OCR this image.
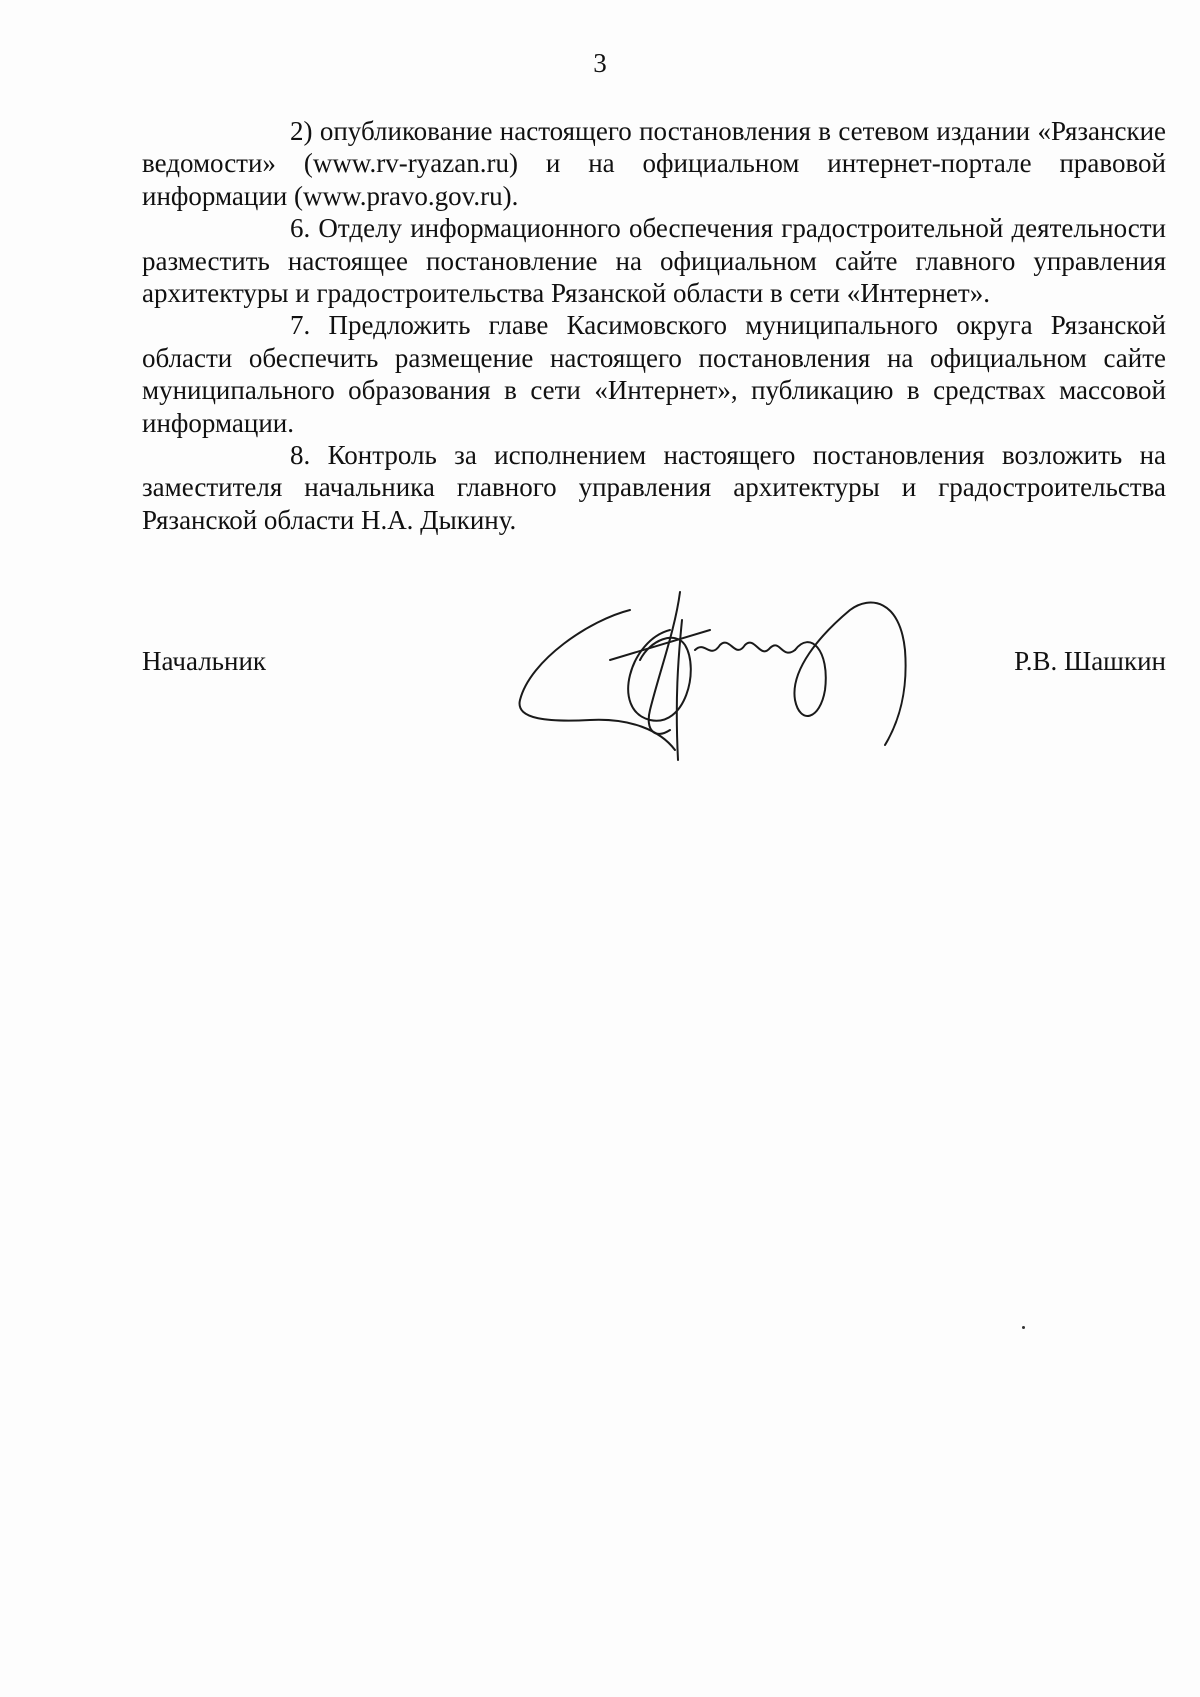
3

2) опубликование настоящего постановления в сетевом издании «Рязанские ведомости» (www.rv-ryazan.ru) и на официальном интернет-портале правовой информации (www.pravo.gov.ru).

6. Отделу информационного обеспечения градостроительной деятельности разместить настоящее постановление на официальном сайте главного управления архитектуры и градостроительства Рязанской области в сети «Интернет».

7. Предложить главе Касимовского муниципального округа Рязанской области обеспечить размещение настоящего постановления на официальном сайте муниципального образования в сети «Интернет», публикацию в средствах массовой информации.

8. Контроль за исполнением настоящего постановления возложить на заместителя начальника главного управления архитектуры и градостроительства Рязанской области Н.А. Дыкину.

Начальник	Р.В. Шашкин
